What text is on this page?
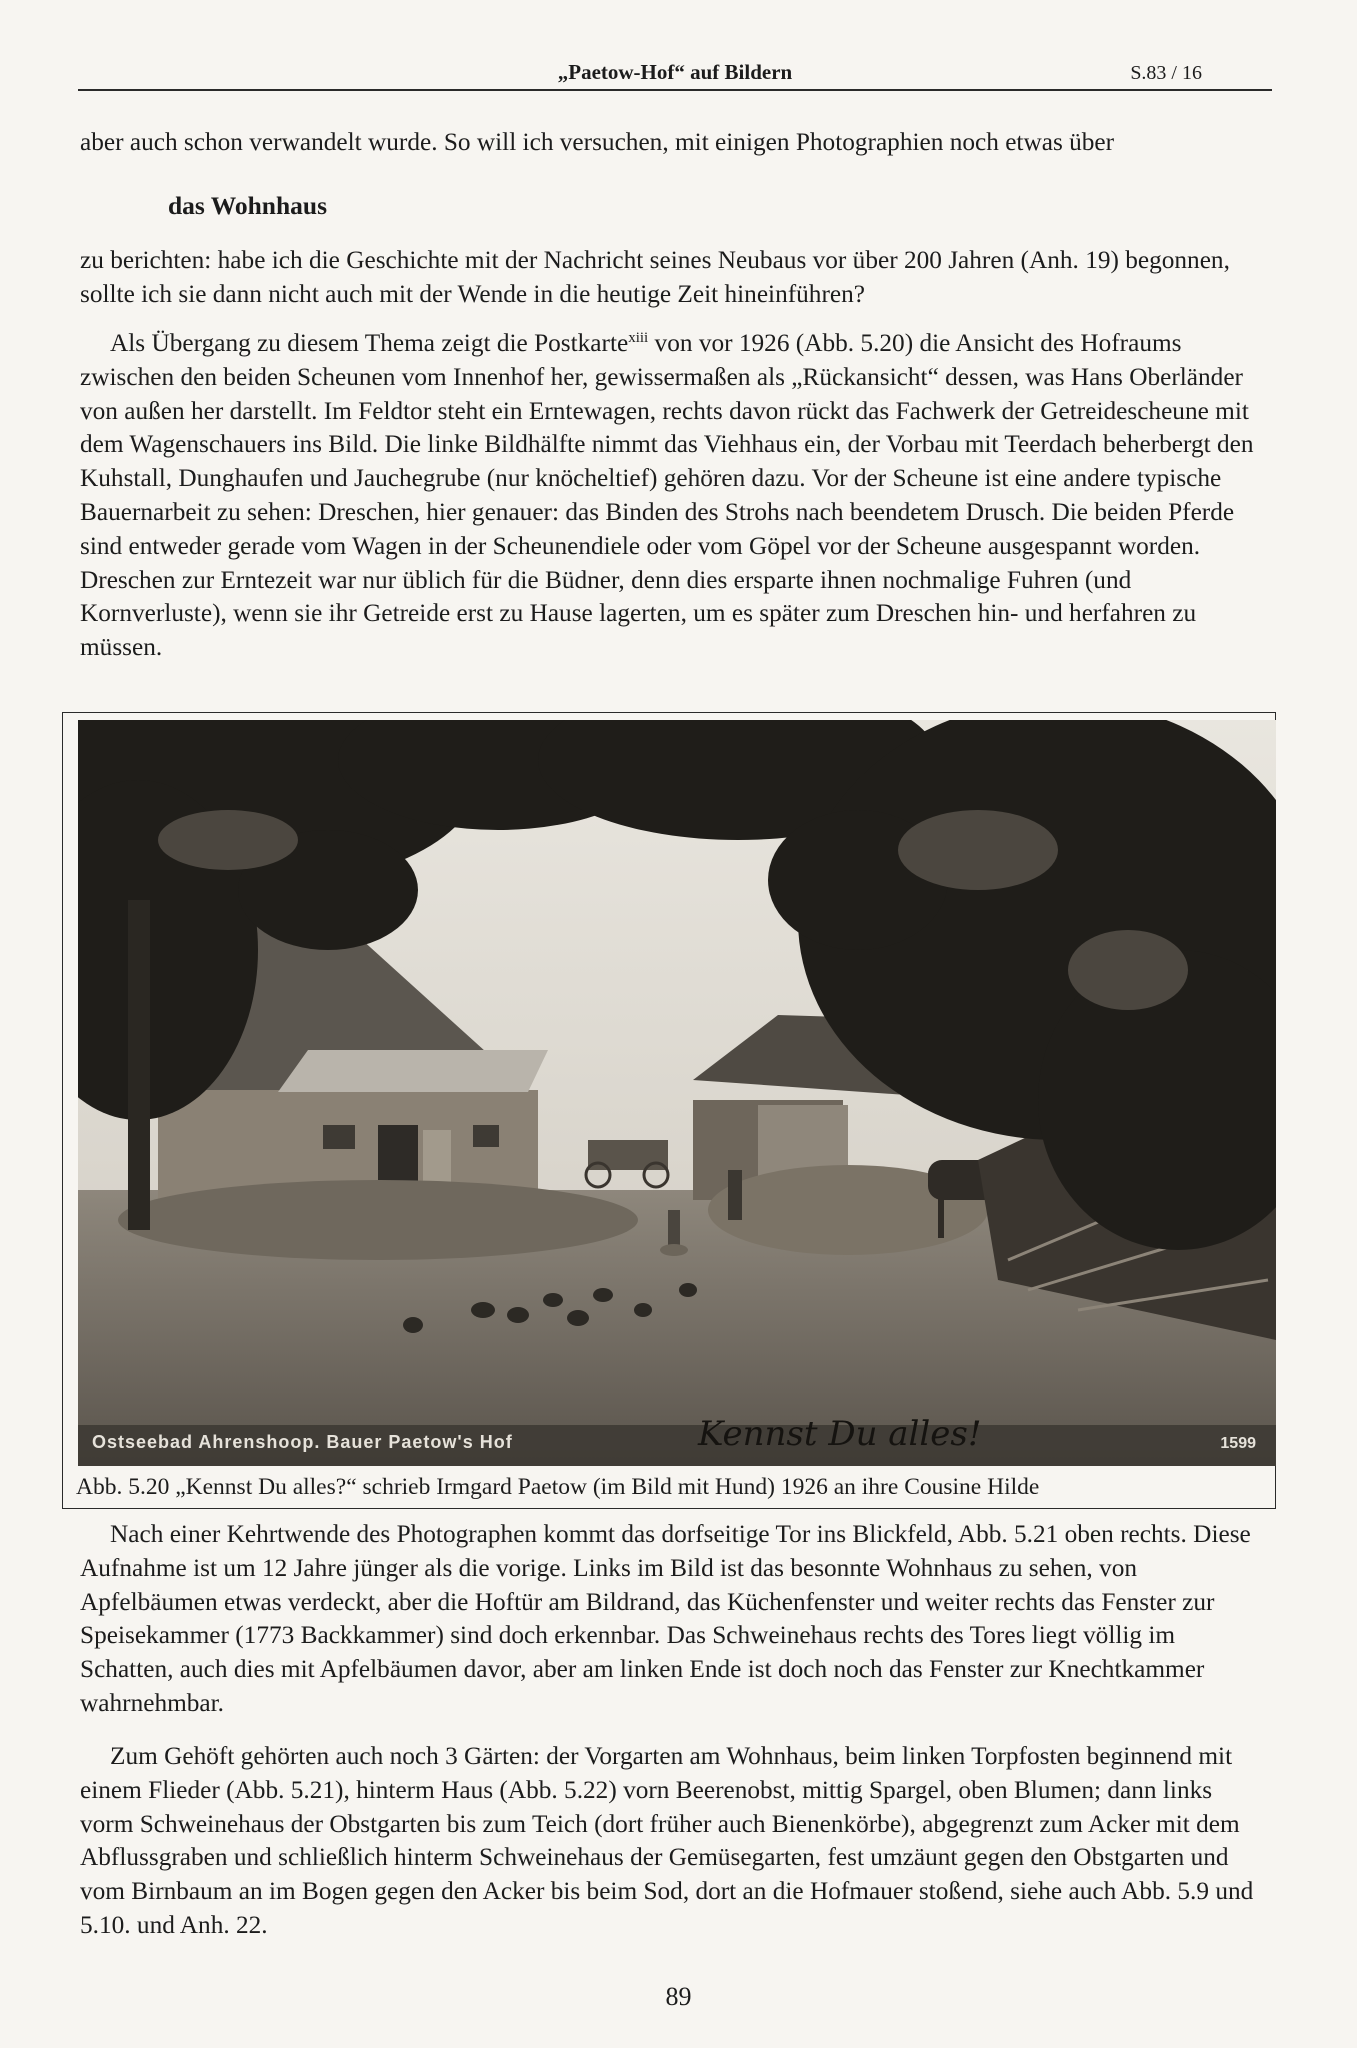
„Paetow-Hof“ auf Bildern	S.83 / 16

aber auch schon verwandelt wurde. So will ich versuchen, mit einigen Photographien noch etwas über

das Wohnhaus

zu berichten: habe ich die Geschichte mit der Nachricht seines Neubaus vor über 200 Jahren (Anh. 19) begonnen, sollte ich sie dann nicht auch mit der Wende in die heutige Zeit hineinführen?

Als Übergang zu diesem Thema zeigt die Postkarte$^{xiii}$ von vor 1926 (Abb. 5.20) die Ansicht des Hofraums zwischen den beiden Scheunen vom Innenhof her, gewissermaßen als „Rückansicht“ dessen, was Hans Oberländer von außen her darstellt. Im Feldtor steht ein Erntewagen, rechts davon rückt das Fachwerk der Getreidescheune mit dem Wagenschauers ins Bild. Die linke Bildhälfte nimmt das Viehhaus ein, der Vorbau mit Teerdach beherbergt den Kuhstall, Dunghaufen und Jauchegrube (nur knöcheltief) gehören dazu. Vor der Scheune ist eine andere typische Bauernarbeit zu sehen: Dreschen, hier genauer: das Binden des Strohs nach beendetem Drusch. Die beiden Pferde sind entweder gerade vom Wagen in der Scheunendiele oder vom Göpel vor der Scheune ausgespannt worden. Dreschen zur Erntezeit war nur üblich für die Büdner, denn dies ersparte ihnen nochmalige Fuhren (und Kornverluste), wenn sie ihr Getreide erst zu Hause lagerten, um es später zum Dreschen hin- und herfahren zu müssen.

Ostseebad Ahrenshoop. Bauer Paetow's Hof	Kennst Du alles!	1599

Abb. 5.20 „Kennst Du alles?“ schrieb Irmgard Paetow (im Bild mit Hund) 1926 an ihre Cousine Hilde

Nach einer Kehrtwende des Photographen kommt das dorfseitige Tor ins Blickfeld, Abb. 5.21 oben rechts. Diese Aufnahme ist um 12 Jahre jünger als die vorige. Links im Bild ist das besonnte Wohnhaus zu sehen, von Apfelbäumen etwas verdeckt, aber die Hoftür am Bildrand, das Küchenfenster und weiter rechts das Fenster zur Speisekammer (1773 Backkammer) sind doch erkennbar. Das Schweinehaus rechts des Tores liegt völlig im Schatten, auch dies mit Apfelbäumen davor, aber am linken Ende ist doch noch das Fenster zur Knechtkammer wahrnehmbar.

Zum Gehöft gehörten auch noch 3 Gärten: der Vorgarten am Wohnhaus, beim linken Torpfosten beginnend mit einem Flieder (Abb. 5.21), hinterm Haus (Abb. 5.22) vorn Beerenobst, mittig Spargel, oben Blumen; dann links vorm Schweinehaus der Obstgarten bis zum Teich (dort früher auch Bienenkörbe), abgegrenzt zum Acker mit dem Abflussgraben und schließlich hinterm Schweinehaus der Gemüsegarten, fest umzäunt gegen den Obstgarten und vom Birnbaum an im Bogen gegen den Acker bis beim Sod, dort an die Hofmauer stoßend, siehe auch Abb. 5.9 und 5.10. und Anh. 22.

89
